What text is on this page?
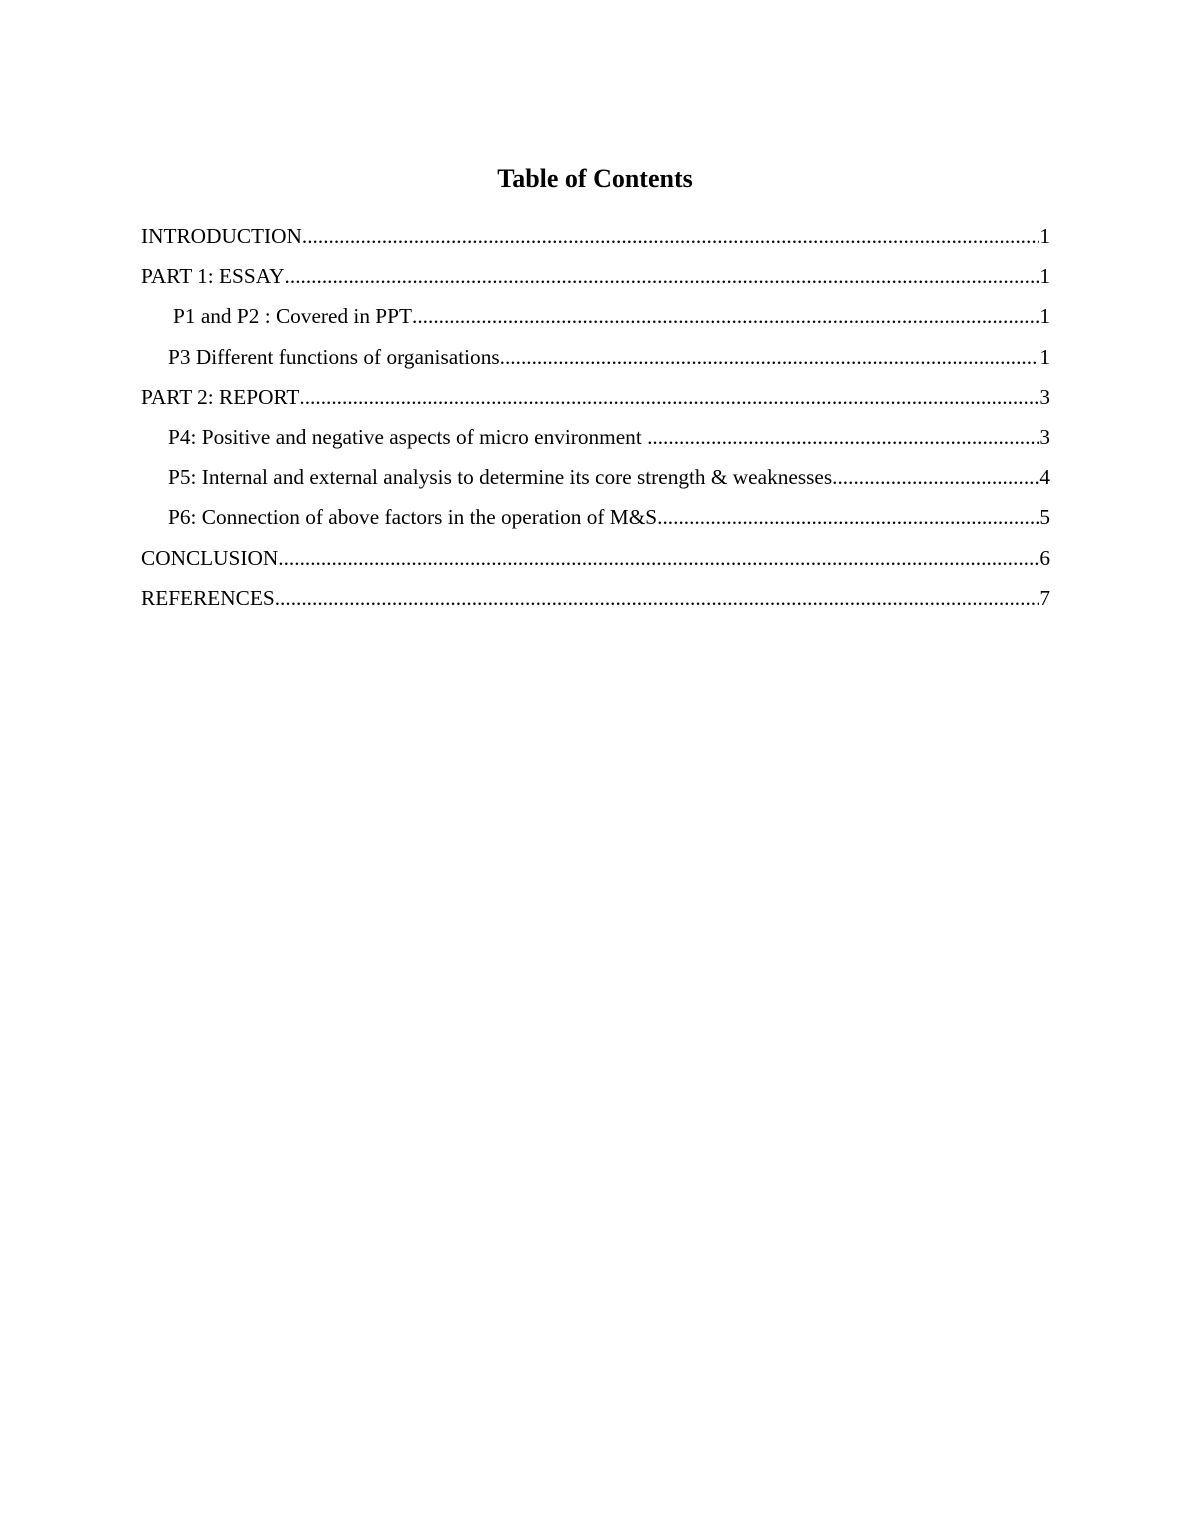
Table of Contents
INTRODUCTION .....	1
PART 1: ESSAY .....	1
P1 and P2 : Covered in PPT .....	1
P3 Different functions of organisations .....	1
PART 2: REPORT .....	3
P4: Positive and negative aspects of micro environment .....	3
P5: Internal and external analysis to determine its core strength & weaknesses .....	4
P6: Connection of above factors in the operation of M&S .....	5
CONCLUSION .....	6
REFERENCES .....	7
